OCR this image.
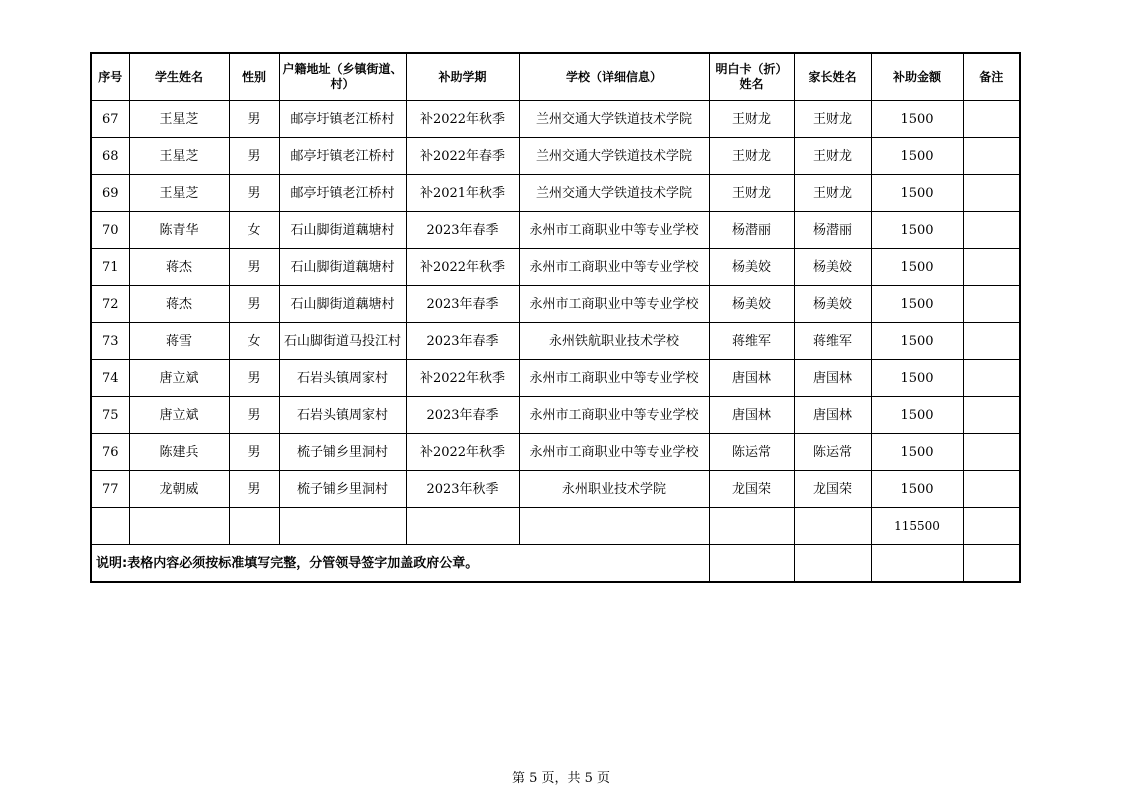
序号	学生姓名	性别	户籍地址（乡镇街道、村）	补助学期	学校（详细信息）	明白卡（折）姓名	家长姓名	补助金额	备注
67	王星芝	男	邮亭圩镇老江桥村	补2022年秋季	兰州交通大学铁道技术学院	王财龙	王财龙	1500	
68	王星芝	男	邮亭圩镇老江桥村	补2022年春季	兰州交通大学铁道技术学院	王财龙	王财龙	1500	
69	王星芝	男	邮亭圩镇老江桥村	补2021年秋季	兰州交通大学铁道技术学院	王财龙	王财龙	1500	
70	陈青华	女	石山脚街道藕塘村	2023年春季	永州市工商职业中等专业学校	杨潜丽	杨潜丽	1500	
71	蒋杰	男	石山脚街道藕塘村	补2022年秋季	永州市工商职业中等专业学校	杨美姣	杨美姣	1500	
72	蒋杰	男	石山脚街道藕塘村	2023年春季	永州市工商职业中等专业学校	杨美姣	杨美姣	1500	
73	蒋雪	女	石山脚街道马投江村	2023年春季	永州铁航职业技术学校	蒋维军	蒋维军	1500	
74	唐立斌	男	石岩头镇周家村	补2022年秋季	永州市工商职业中等专业学校	唐国林	唐国林	1500	
75	唐立斌	男	石岩头镇周家村	2023年春季	永州市工商职业中等专业学校	唐国林	唐国林	1500	
76	陈建兵	男	梳子铺乡里洞村	补2022年秋季	永州市工商职业中等专业学校	陈运常	陈运常	1500	
77	龙朝威	男	梳子铺乡里洞村	2023年秋季	永州职业技术学院	龙国荣	龙国荣	1500	
								115500	
说明:表格内容必须按标准填写完整，分管领导签字加盖政府公章。									
第 5 页，共 5 页
